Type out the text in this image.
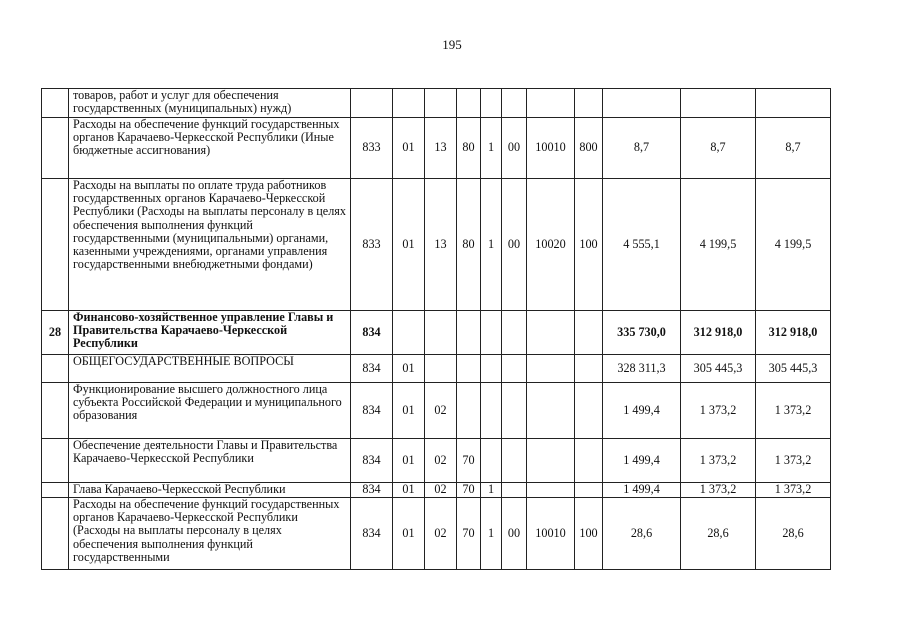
195
	товаров, работ и услуг для обеспечения государственных (муниципальных) нужд)											
	Расходы на обеспечение функций государственных органов Карачаево-Черкесской Республики (Иные бюджетные ассигнования)	833	01	13	80	1	00	10010	800	8,7	8,7	8,7
	Расходы на выплаты по оплате труда работников государственных органов Карачаево-Черкесской Республики (Расходы на выплаты персоналу в целях обеспечения выполнения функций государственными (муниципальными) органами, казенными учреждениями, органами управления государственными внебюджетными фондами)	833	01	13	80	1	00	10020	100	4 555,1	4 199,5	4 199,5
28	Финансово-хозяйственное управление Главы и Правительства Карачаево-Черкесской Республики	834								335 730,0	312 918,0	312 918,0
	ОБЩЕГОСУДАРСТВЕННЫЕ ВОПРОСЫ	834	01							328 311,3	305 445,3	305 445,3
	Функционирование высшего должностного лица субъекта Российской Федерации и муниципального образования	834	01	02						1 499,4	1 373,2	1 373,2
	Обеспечение деятельности Главы и Правительства Карачаево-Черкесской Республики	834	01	02	70					1 499,4	1 373,2	1 373,2
	Глава Карачаево-Черкесской Республики	834	01	02	70	1				1 499,4	1 373,2	1 373,2
	Расходы на обеспечение функций государственных органов Карачаево-Черкесской Республики (Расходы на выплаты персоналу в целях обеспечения выполнения функций государственными	834	01	02	70	1	00	10010	100	28,6	28,6	28,6
